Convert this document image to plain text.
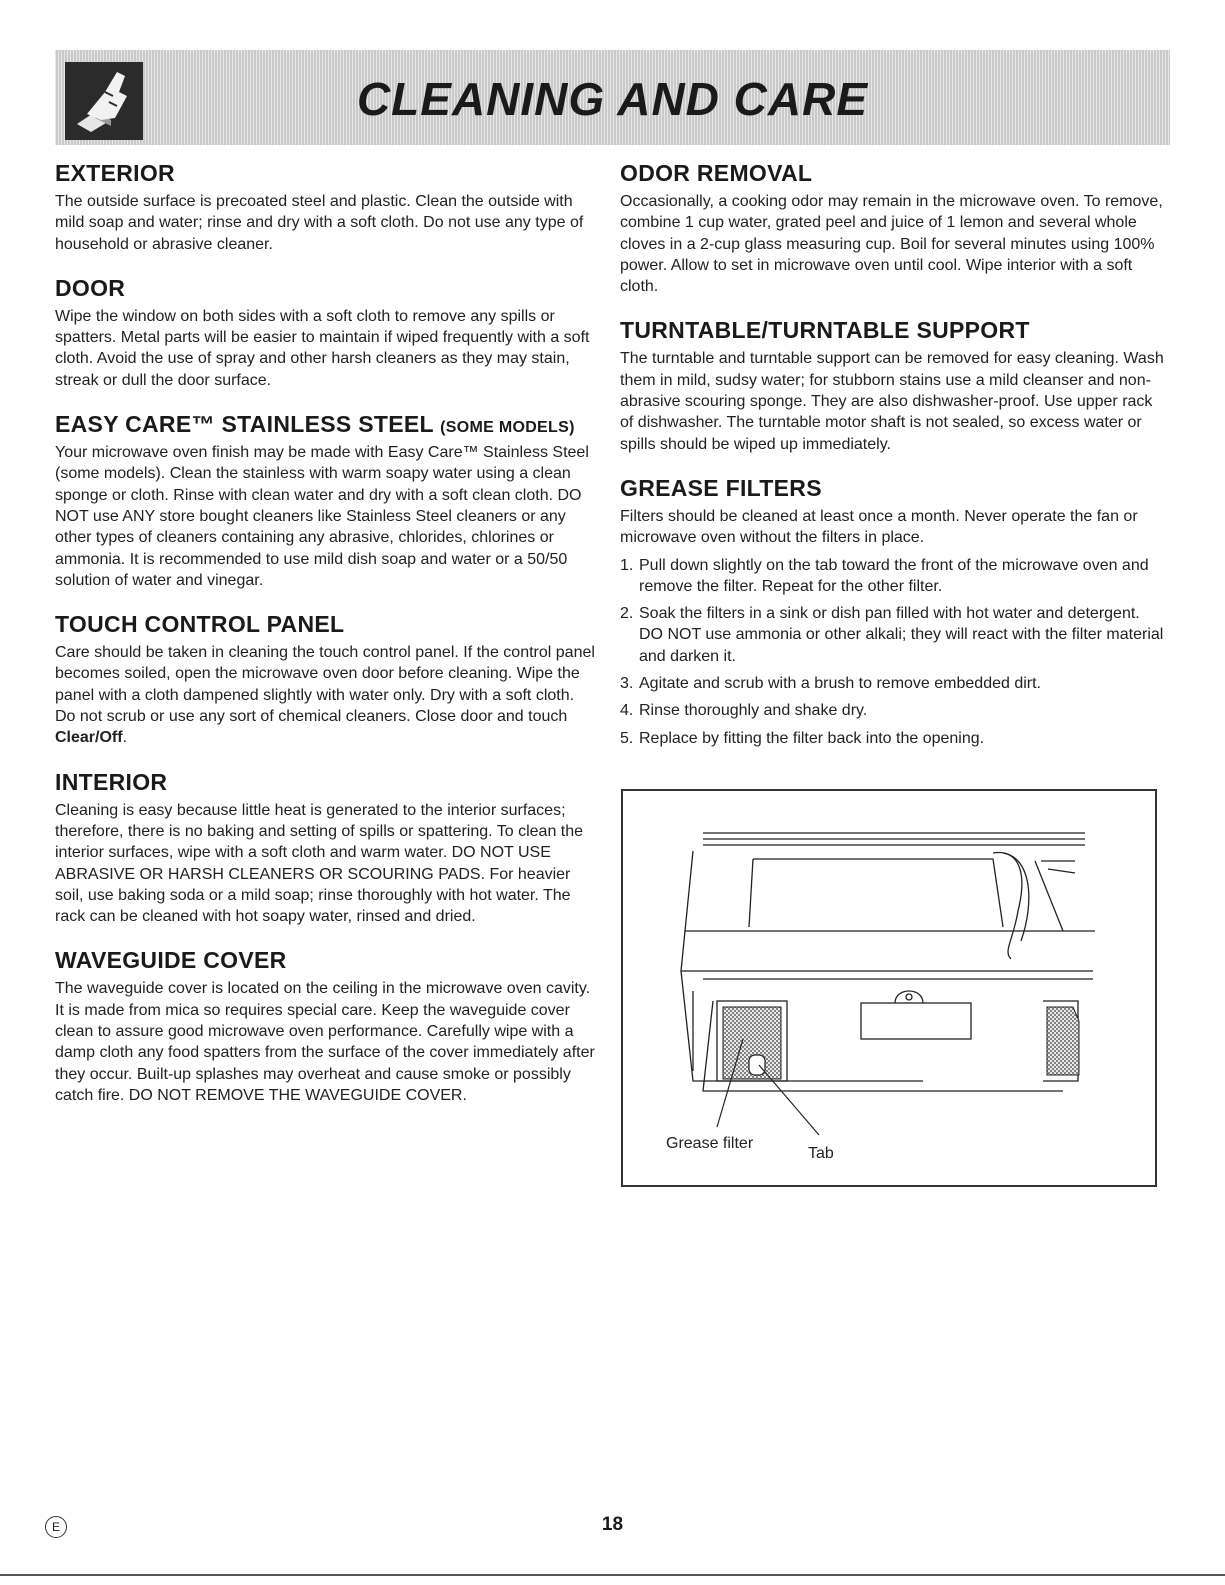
CLEANING AND CARE
EXTERIOR

The outside surface is precoated steel and plastic. Clean the outside with mild soap and water; rinse and dry with a soft cloth. Do not use any type of household or abrasive cleaner.

DOOR

Wipe the window on both sides with a soft cloth to remove any spills or spatters. Metal parts will be easier to maintain if wiped frequently with a soft cloth. Avoid the use of spray and other harsh cleaners as they may stain, streak or dull the door surface.

EASY CARE™ STAINLESS STEEL (SOME MODELS)

Your microwave oven finish may be made with Easy Care™ Stainless Steel (some models). Clean the stainless with warm soapy water using a clean sponge or cloth. Rinse with clean water and dry with a soft clean cloth. DO NOT use ANY store bought cleaners like Stainless Steel cleaners or any other types of cleaners containing any abrasive, chlorides, chlorines or ammonia. It is recommended to use mild dish soap and water or a 50/50 solution of water and vinegar.

TOUCH CONTROL PANEL

Care should be taken in cleaning the touch control panel. If the control panel becomes soiled, open the microwave oven door before cleaning. Wipe the panel with a cloth dampened slightly with water only. Dry with a soft cloth. Do not scrub or use any sort of chemical cleaners. Close door and touch Clear/Off.

INTERIOR

Cleaning is easy because little heat is generated to the interior surfaces; therefore, there is no baking and setting of spills or spattering. To clean the interior surfaces, wipe with a soft cloth and warm water. DO NOT USE ABRASIVE OR HARSH CLEANERS OR SCOURING PADS. For heavier soil, use baking soda or a mild soap; rinse thoroughly with hot water. The rack can be cleaned with hot soapy water, rinsed and dried.

WAVEGUIDE COVER

The waveguide cover is located on the ceiling in the microwave oven cavity. It is made from mica so requires special care. Keep the waveguide cover clean to assure good microwave oven performance. Carefully wipe with a damp cloth any food spatters from the surface of the cover immediately after they occur. Built-up splashes may overheat and cause smoke or possibly catch fire. DO NOT REMOVE THE WAVEGUIDE COVER.

ODOR REMOVAL

Occasionally, a cooking odor may remain in the microwave oven. To remove, combine 1 cup water, grated peel and juice of 1 lemon and several whole cloves in a 2-cup glass measuring cup. Boil for several minutes using 100% power. Allow to set in microwave oven until cool. Wipe interior with a soft cloth.

TURNTABLE/TURNTABLE SUPPORT

The turntable and turntable support can be removed for easy cleaning. Wash them in mild, sudsy water; for stubborn stains use a mild cleanser and non-abrasive scouring sponge. They are also dishwasher-proof. Use upper rack of dishwasher. The turntable motor shaft is not sealed, so excess water or spills should be wiped up immediately.

GREASE FILTERS

Filters should be cleaned at least once a month. Never operate the fan or microwave oven without the filters in place.

1. Pull down slightly on the tab toward the front of the microwave oven and remove the filter. Repeat for the other filter.
2. Soak the filters in a sink or dish pan filled with hot water and detergent. DO NOT use ammonia or other alkali; they will react with the filter material and darken it.
3. Agitate and scrub with a brush to remove embedded dirt.
4. Rinse thoroughly and shake dry.
5. Replace by fitting the filter back into the opening.
Grease filter
Tab
E	18
